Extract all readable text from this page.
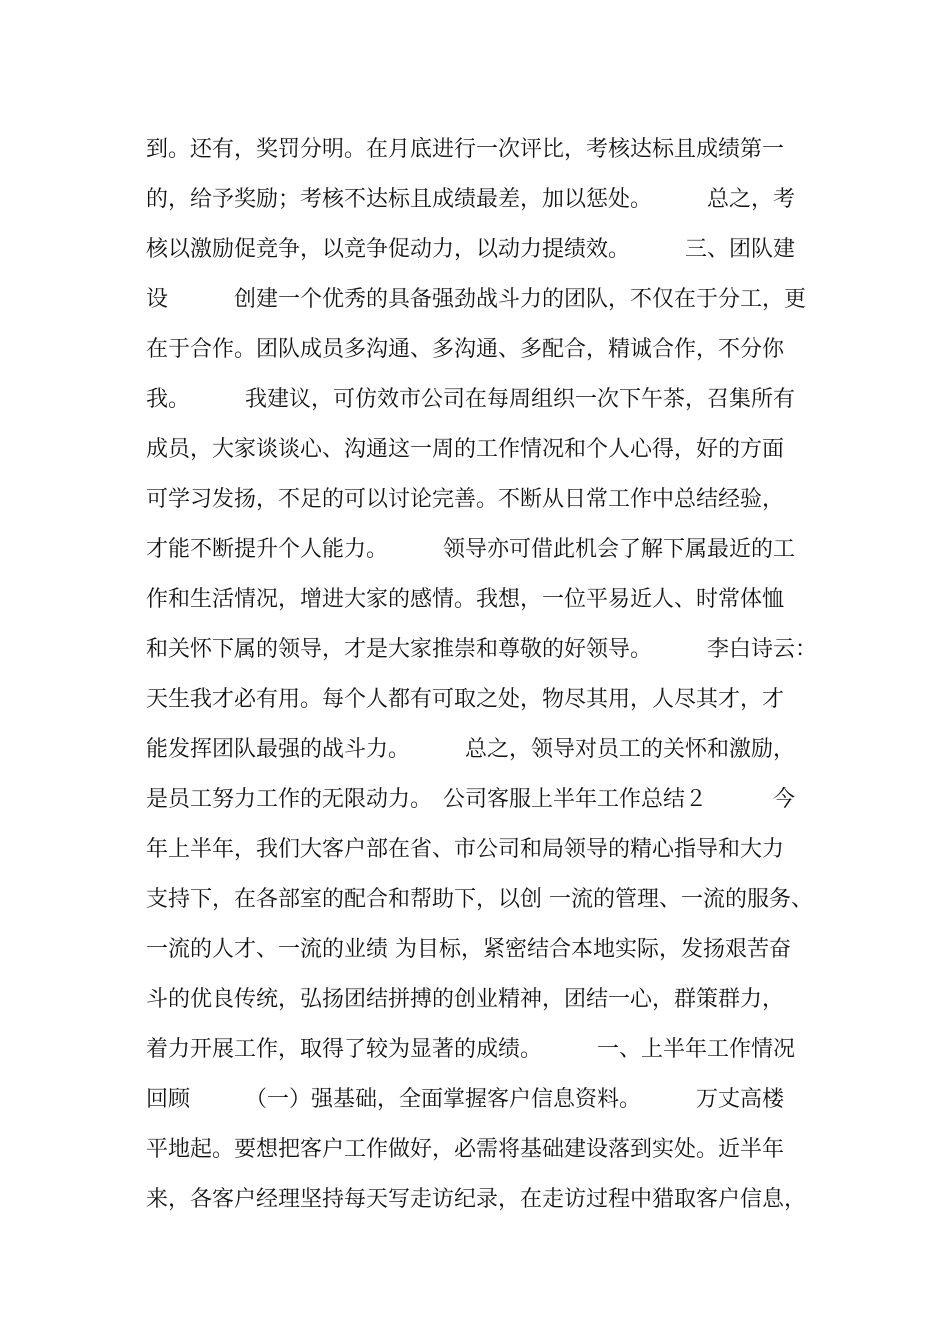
到。还有，奖罚分明。在月底进行一次评比，考核达标且成绩第一
的，给予奖励；考核不达标且成绩最差，加以惩处。　　　总之，考
核以激励促竞争，以竞争促动力，以动力提绩效。　　　三、团队建
设　　　创建一个优秀的具备强劲战斗力的团队，不仅在于分工，更
在于合作。团队成员多沟通、多沟通、多配合，精诚合作，不分你
我。　　　我建议，可仿效市公司在每周组织一次下午茶，召集所有
成员，大家谈谈心、沟通这一周的工作情况和个人心得，好的方面
可学习发扬，不足的可以讨论完善。不断从日常工作中总结经验，
才能不断提升个人能力。　　　领导亦可借此机会了解下属最近的工
作和生活情况，增进大家的感情。我想，一位平易近人、时常体恤
和关怀下属的领导，才是大家推崇和尊敬的好领导。　　　李白诗云：
天生我才必有用。每个人都有可取之处，物尽其用，人尽其才，才
能发挥团队最强的战斗力。　　　总之，领导对员工的关怀和激励，
是员工努力工作的无限动力。　公司客服上半年工作总结２　　　今
年上半年，我们大客户部在省、市公司和局领导的精心指导和大力
支持下，在各部室的配合和帮助下，以创 一流的管理、一流的服务、
一流的人才、一流的业绩 为目标，紧密结合本地实际，发扬艰苦奋
斗的优良传统，弘扬团结拼搏的创业精神，团结一心，群策群力，
着力开展工作，取得了较为显著的成绩。　　　一、上半年工作情况
回顾　　　（一）强基础，全面掌握客户信息资料。　　　万丈高楼
平地起。要想把客户工作做好，必需将基础建设落到实处。近半年
来，各客户经理坚持每天写走访纪录，在走访过程中猎取客户信息，
